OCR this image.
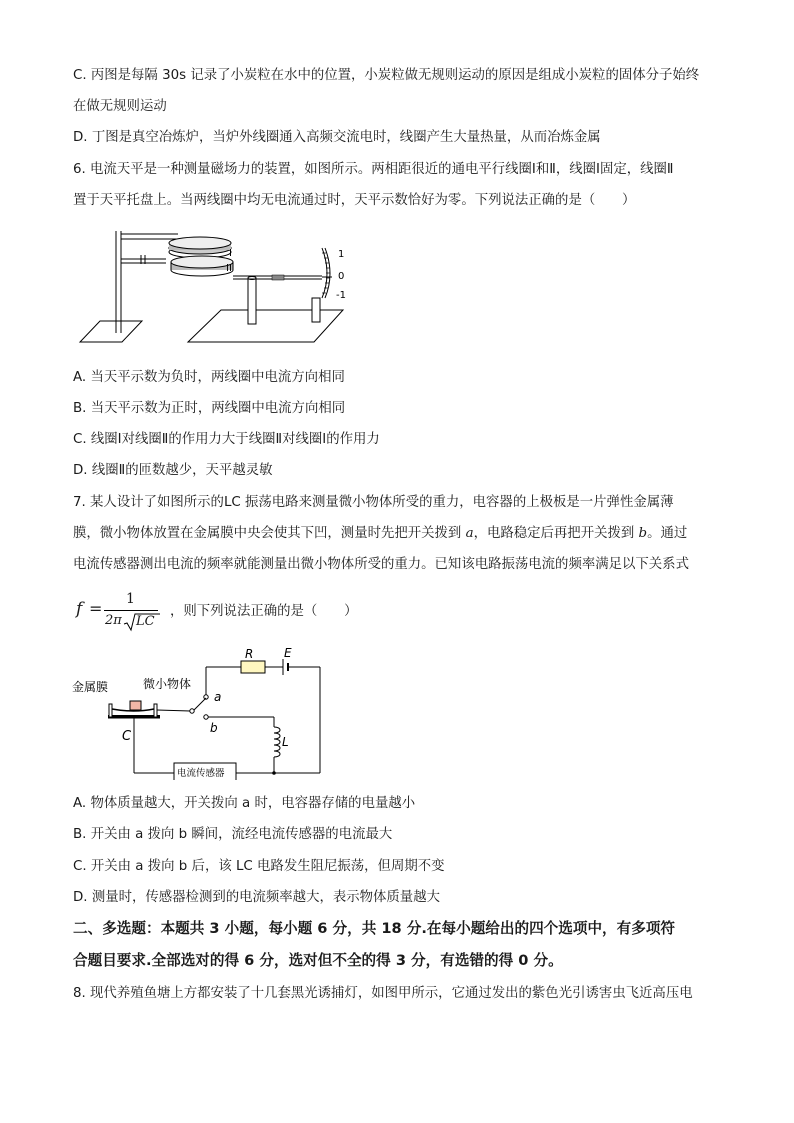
C. 丙图是每隔 30s 记录了小炭粒在水中的位置，小炭粒做无规则运动的原因是组成小炭粒的固体分子始终
在做无规则运动
D. 丁图是真空冶炼炉，当炉外线圈通入高频交流电时，线圈产生大量热量，从而冶炼金属
6. 电流天平是一种测量磁场力的装置，如图所示。两相距很近的通电平行线圈Ⅰ和Ⅱ，线圈Ⅰ固定，线圈Ⅱ
置于天平托盘上。当两线圈中均无电流通过时，天平示数恰好为零。下列说法正确的是（　　）
I
II
1
0
-1
A. 当天平示数为负时，两线圈中电流方向相同
B. 当天平示数为正时，两线圈中电流方向相同
C. 线圈Ⅰ对线圈Ⅱ的作用力大于线圈Ⅱ对线圈Ⅰ的作用力
D. 线圈Ⅱ的匝数越少，天平越灵敏
7. 某人设计了如图所示的LC 振荡电路来测量微小物体所受的重力，电容器的上极板是一片弹性金属薄
膜，微小物体放置在金属膜中央会使其下凹，测量时先把开关拨到 a，电路稳定后再把开关拨到 b。通过
电流传感器测出电流的频率就能测量出微小物体所受的重力。已知该电路振荡电流的频率满足以下关系式
f = 1
2π LC
，则下列说法正确的是（　　）
R	E
a
b
L
电流传感器
金属膜	微小物体
C
A. 物体质量越大，开关拨向 a 时，电容器存储的电量越小
B. 开关由 a 拨向 b 瞬间，流经电流传感器的电流最大
C. 开关由 a 拨向 b 后，该 LC 电路发生阻尼振荡，但周期不变
D. 测量时，传感器检测到的电流频率越大，表示物体质量越大
二、多选题：本题共 3 小题，每小题 6 分，共 18 分.在每小题给出的四个选项中，有多项符
合题目要求.全部选对的得 6 分，选对但不全的得 3 分，有选错的得 0 分。
8. 现代养殖鱼塘上方都安装了十几套黑光诱捕灯，如图甲所示，它通过发出的紫色光引诱害虫飞近高压电
